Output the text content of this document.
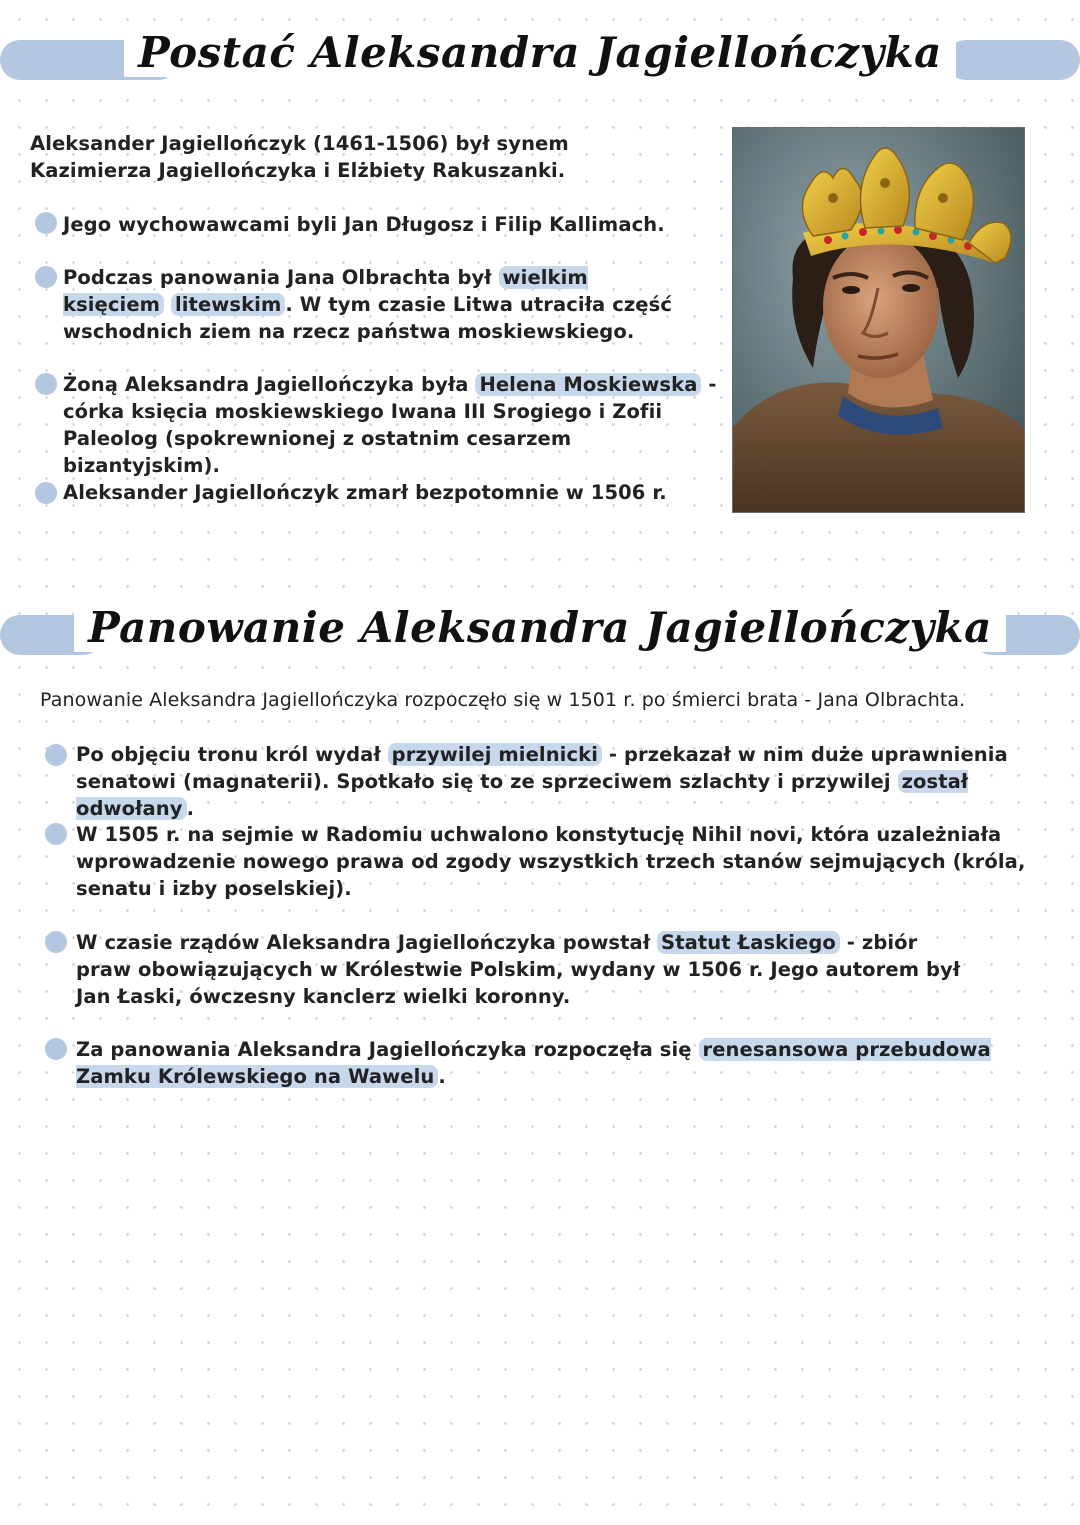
Postać Aleksandra Jagiellończyka
Aleksander Jagiellończyk (1461-1506) był synem Kazimierza Jagiellończyka i Elżbiety Rakuszanki.
Jego wychowawcami byli Jan Długosz i Filip Kallimach.
Podczas panowania Jana Olbrachta był wielkim księciem litewskim . W tym czasie Litwa utraciła część wschodnich ziem na rzecz państwa moskiewskiego.
Żoną Aleksandra Jagiellończyka była Helena Moskiewska - córka księcia moskiewskiego Iwana III Srogiego i Zofii Paleolog (spokrewnionej z ostatnim cesarzem bizantyjskim).
Aleksander Jagiellończyk zmarł bezpotomnie w 1506 r.
Panowanie Aleksandra Jagiellończyka
Panowanie Aleksandra Jagiellończyka rozpoczęło się w 1501 r. po śmierci brata - Jana Olbrachta.
Po objęciu tronu król wydał przywilej mielnicki - przekazał w nim duże uprawnienia senatowi (magnaterii). Spotkało się to ze sprzeciwem szlachty i przywilej został odwołany .
W 1505 r. na sejmie w Radomiu uchwalono konstytucję Nihil novi, która uzależniała wprowadzenie nowego prawa od zgody wszystkich trzech stanów sejmujących (króla, senatu i izby poselskiej).
W czasie rządów Aleksandra Jagiellończyka powstał Statut Łaskiego - zbiór praw obowiązujących w Królestwie Polskim, wydany w 1506 r. Jego autorem był Jan Łaski, ówczesny kanclerz wielki koronny.
Za panowania Aleksandra Jagiellończyka rozpoczęła się renesansowa przebudowa Zamku Królewskiego na Wawelu .
